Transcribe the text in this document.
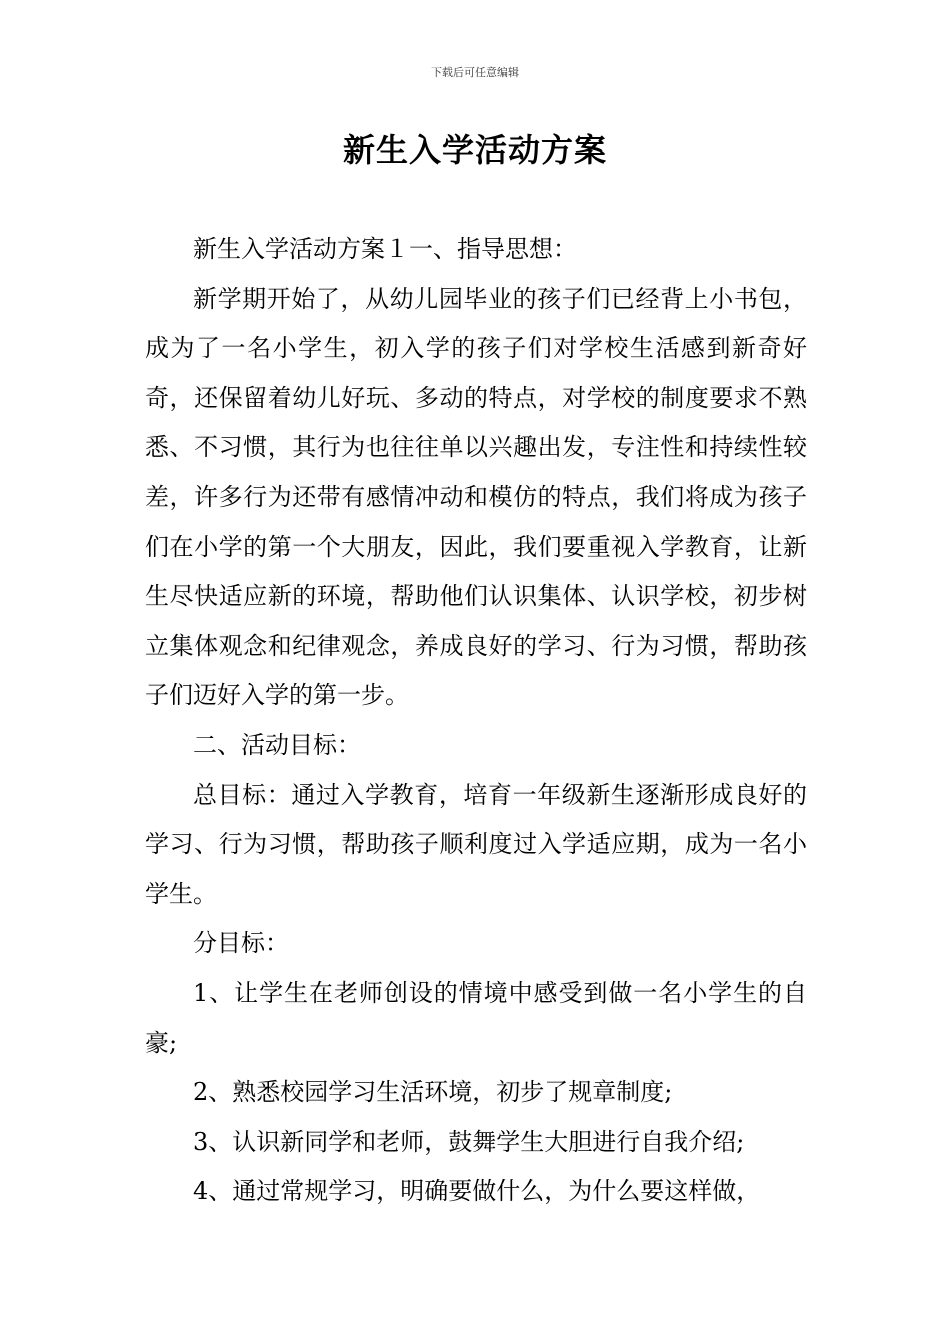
下载后可任意编辑
新生入学活动方案

新生入学活动方案１一、指导思想：

新学期开始了，从幼儿园毕业的孩子们已经背上小书包，成为了一名小学生，初入学的孩子们对学校生活感到新奇好奇，还保留着幼儿好玩、多动的特点，对学校的制度要求不熟悉、不习惯，其行为也往往单以兴趣出发，专注性和持续性较差，许多行为还带有感情冲动和模仿的特点，我们将成为孩子们在小学的第一个大朋友，因此，我们要重视入学教育，让新生尽快适应新的环境，帮助他们认识集体、认识学校，初步树立集体观念和纪律观念，养成良好的学习、行为习惯，帮助孩子们迈好入学的第一步。

二、活动目标：

总目标：通过入学教育，培育一年级新生逐渐形成良好的学习、行为习惯，帮助孩子顺利度过入学适应期，成为一名小学生。

分目标：

1、让学生在老师创设的情境中感受到做一名小学生的自豪;

2、熟悉校园学习生活环境，初步了规章制度;

3、认识新同学和老师，鼓舞学生大胆进行自我介绍;

4、通过常规学习，明确要做什么，为什么要这样做，
